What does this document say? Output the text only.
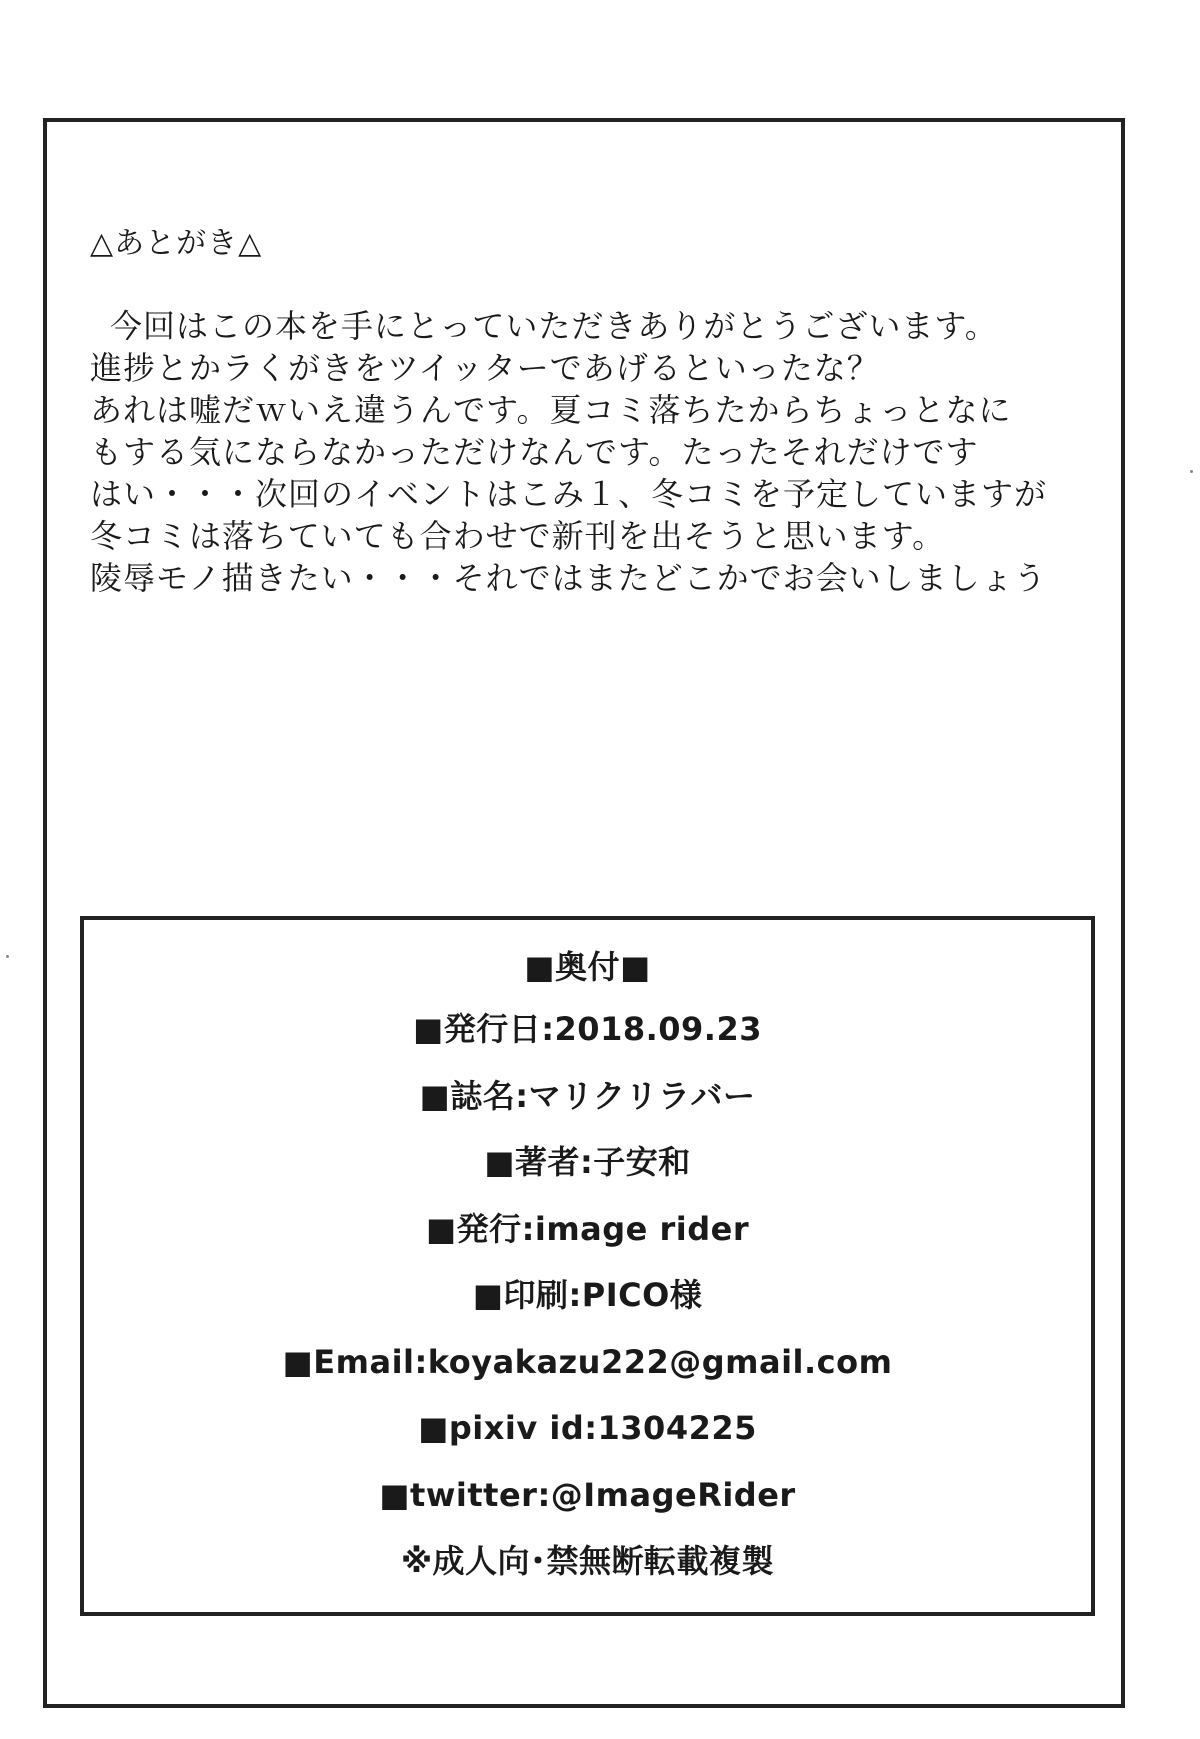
△あとがき△
今回はこの本を手にとっていただきありがとうございます。
進捗とかラくがきをツイッターであげるといったな？
あれは嘘だｗいえ違うんです。夏コミ落ちたからちょっとなに
もする気にならなかっただけなんです。たったそれだけです
はい・・・次回のイベントはこみ１、冬コミを予定していますが
冬コミは落ちていても合わせで新刊を出そうと思います。
陵辱モノ描きたい・・・それではまたどこかでお会いしましょう
■奥付■
■発行日:2018.09.23
■誌名:マリクリラバー
■著者:子安和
■発行:image rider
■印刷:PICO様
■Email:koyakazu222@gmail.com
■pixiv id:1304225
■twitter:@ImageRider
※成人向･禁無断転載複製
